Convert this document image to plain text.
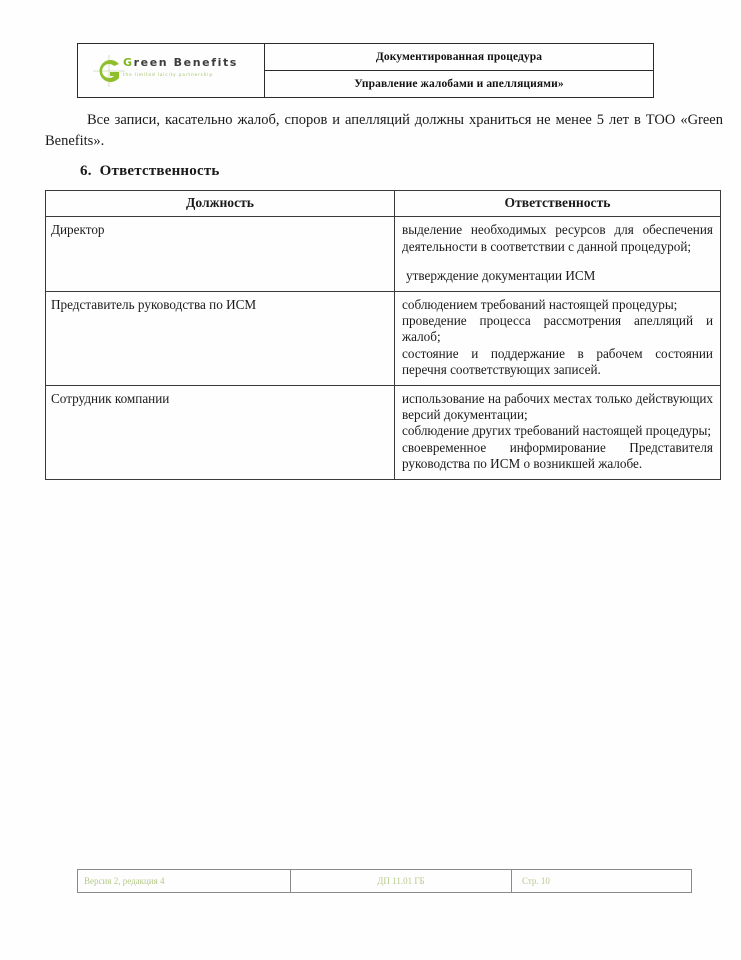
Green Benefits
the limited laicity partnership
	Документированная процедура
Управление жалобами и апелляциями»
Все записи, касательно жалоб, споров и апелляций должны храниться не менее 5 лет в ТОО «Green Benefits».
6. Ответственность
Должность	Ответственность
Директор	выделение необходимых ресурсов для обеспечения деятельности в соответствии с данной процедурой;

утверждение документации ИСМ

Представитель руководства по ИСМ	соблюдением требований настоящей процедуры;

проведение процесса рассмотрения апелляций и жалоб;

состояние и поддержание в рабочем состоянии перечня соответствующих записей.

Сотрудник компании	использование на рабочих местах только действующих версий документации;

соблюдение других требований настоящей процедуры;

своевременное информирование Представителя руководства по ИСМ о возникшей жалобе.

Версия 2, редакция 4	ДП 11.01 ГБ	Стр. 10
